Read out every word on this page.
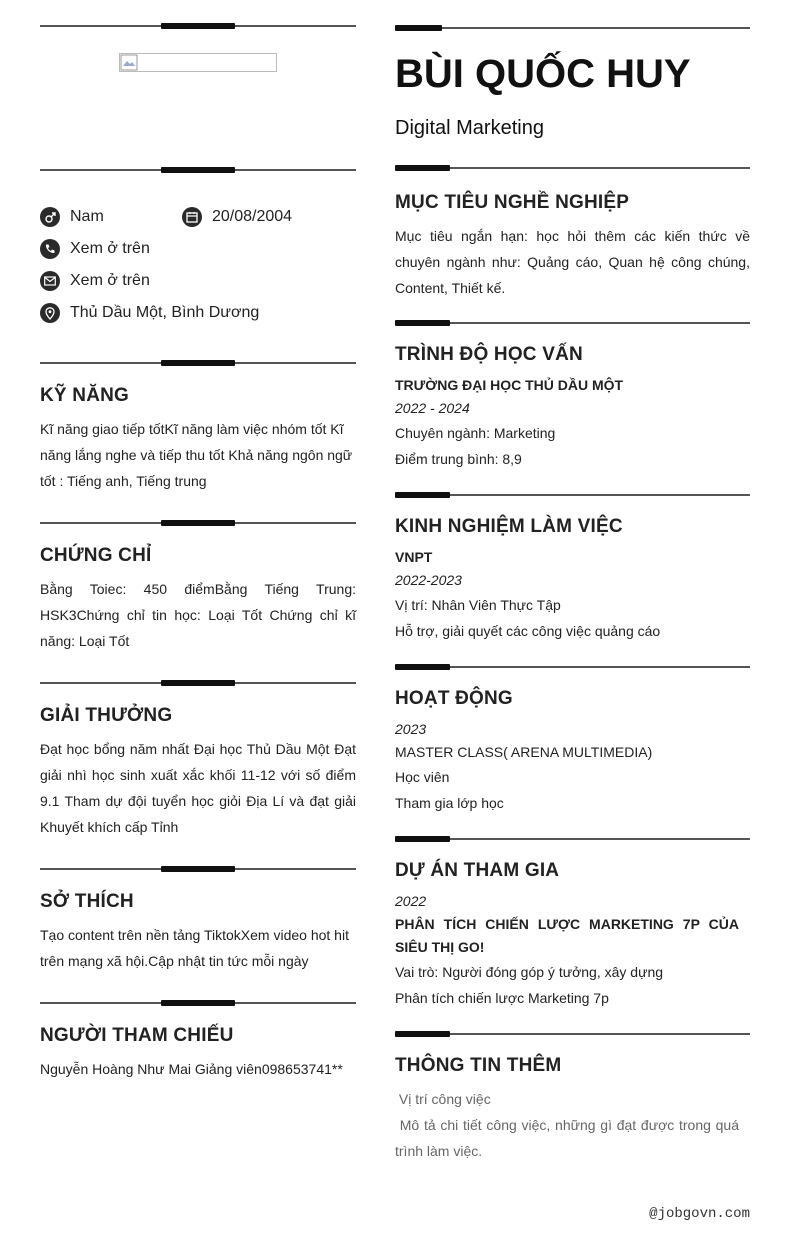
Nam	20/08/2004
Xem ở trên
Xem ở trên
Thủ Dầu Một, Bình Dương
KỸ NĂNG
Kĩ năng giao tiếp tốtKĩ năng làm việc nhóm tốt Kĩ năng lắng nghe và tiếp thu tốt Khả năng ngôn ngữ tốt : Tiếng anh, Tiếng trung
CHỨNG CHỈ
Bằng Toiec: 450 điểmBằng Tiếng Trung: HSK3Chứng chỉ tin học: Loại Tốt Chứng chỉ kĩ năng: Loại Tốt
GIẢI THƯỞNG
Đạt học bổng năm nhất Đại học Thủ Dầu Một Đạt giải nhì học sinh xuất xắc khối 11-12 với số điểm 9.1 Tham dự đội tuyển học giỏi Địa Lí và đạt giải Khuyết khích cấp Tỉnh
SỞ THÍCH
Tạo content trên nền tảng TiktokXem video hot hit trên mạng xã hội.Cập nhật tin tức mỗi ngày
NGƯỜI THAM CHIẾU
Nguyễn Hoàng Như Mai Giảng viên098653741**
BÙI QUỐC HUY
Digital Marketing
MỤC TIÊU NGHỀ NGHIỆP
Mục tiêu ngắn hạn: học hỏi thêm các kiến thức về chuyên ngành như: Quảng cáo, Quan hệ công chúng, Content, Thiết kế.
TRÌNH ĐỘ HỌC VẤN
TRƯỜNG ĐẠI HỌC THỦ DẦU MỘT
2022 - 2024
Chuyên ngành: Marketing
Điểm trung bình: 8,9
KINH NGHIỆM LÀM VIỆC
VNPT
2022-2023
Vị trí: Nhân Viên Thực Tập
Hỗ trợ, giải quyết các công việc quảng cáo
HOẠT ĐỘNG
2023
MASTER CLASS( ARENA MULTIMEDIA)
Học viên
Tham gia lớp học
DỰ ÁN THAM GIA
2022
PHÂN TÍCH CHIẾN LƯỢC MARKETING 7P CỦA SIÊU THỊ GO!
Vai trò: Người đóng góp ý tưởng, xây dựng
Phân tích chiến lược Marketing 7p
THÔNG TIN THÊM
Vị trí công việc
Mô tả chi tiết công việc, những gì đạt được trong quá trình làm việc.
@jobgovn.com
